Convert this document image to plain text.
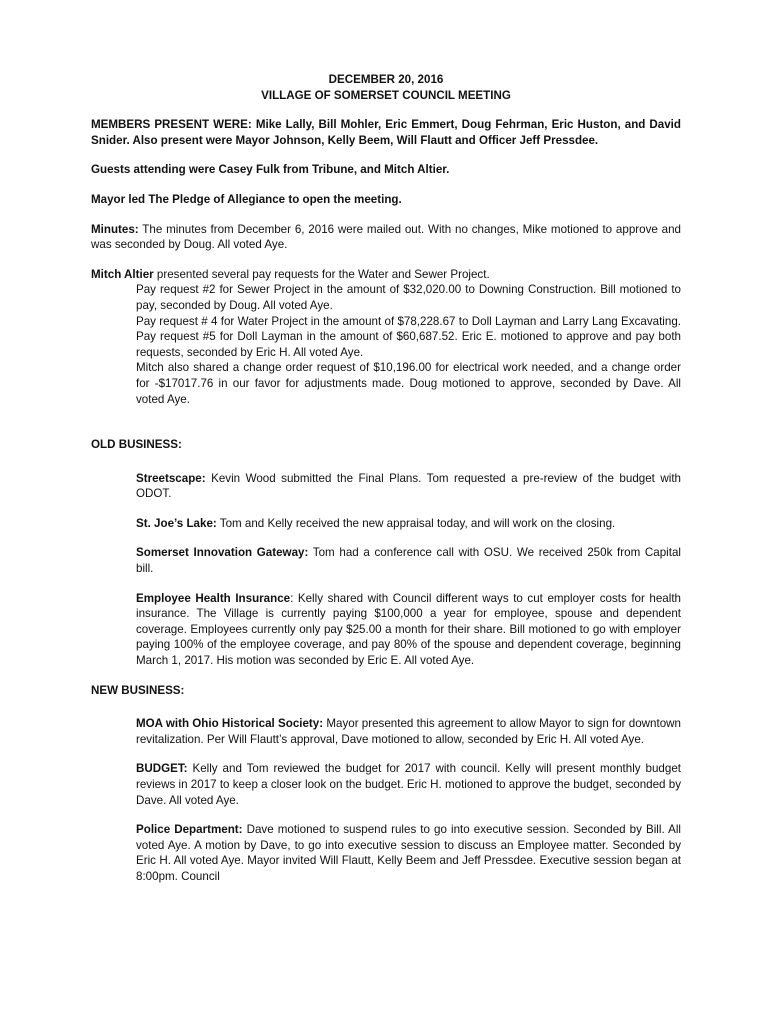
DECEMBER 20, 2016
VILLAGE OF SOMERSET COUNCIL MEETING

MEMBERS PRESENT WERE: Mike Lally, Bill Mohler, Eric Emmert, Doug Fehrman, Eric Huston, and David Snider. Also present were Mayor Johnson, Kelly Beem, Will Flautt and Officer Jeff Pressdee.

Guests attending were Casey Fulk from Tribune, and Mitch Altier.

Mayor led The Pledge of Allegiance to open the meeting.

Minutes: The minutes from December 6, 2016 were mailed out. With no changes, Mike motioned to approve and was seconded by Doug. All voted Aye.

Mitch Altier presented several pay requests for the Water and Sewer Project.

Pay request #2 for Sewer Project in the amount of $32,020.00 to Downing Construction. Bill motioned to pay, seconded by Doug. All voted Aye.

Pay request # 4 for Water Project in the amount of $78,228.67 to Doll Layman and Larry Lang Excavating. Pay request #5 for Doll Layman in the amount of $60,687.52. Eric E. motioned to approve and pay both requests, seconded by Eric H. All voted Aye.

Mitch also shared a change order request of $10,196.00 for electrical work needed, and a change order for -$17017.76 in our favor for adjustments made. Doug motioned to approve, seconded by Dave. All voted Aye.

OLD BUSINESS:

Streetscape: Kevin Wood submitted the Final Plans. Tom requested a pre-review of the budget with ODOT.

St. Joe’s Lake: Tom and Kelly received the new appraisal today, and will work on the closing.

Somerset Innovation Gateway: Tom had a conference call with OSU. We received 250k from Capital bill.

Employee Health Insurance: Kelly shared with Council different ways to cut employer costs for health insurance. The Village is currently paying $100,000 a year for employee, spouse and dependent coverage. Employees currently only pay $25.00 a month for their share. Bill motioned to go with employer paying 100% of the employee coverage, and pay 80% of the spouse and dependent coverage, beginning March 1, 2017. His motion was seconded by Eric E. All voted Aye.

NEW BUSINESS:

MOA with Ohio Historical Society: Mayor presented this agreement to allow Mayor to sign for downtown revitalization. Per Will Flautt’s approval, Dave motioned to allow, seconded by Eric H. All voted Aye.

BUDGET: Kelly and Tom reviewed the budget for 2017 with council. Kelly will present monthly budget reviews in 2017 to keep a closer look on the budget. Eric H. motioned to approve the budget, seconded by Dave. All voted Aye.

Police Department: Dave motioned to suspend rules to go into executive session. Seconded by Bill. All voted Aye. A motion by Dave, to go into executive session to discuss an Employee matter. Seconded by Eric H. All voted Aye. Mayor invited Will Flautt, Kelly Beem and Jeff Pressdee. Executive session began at 8:00pm. Council
